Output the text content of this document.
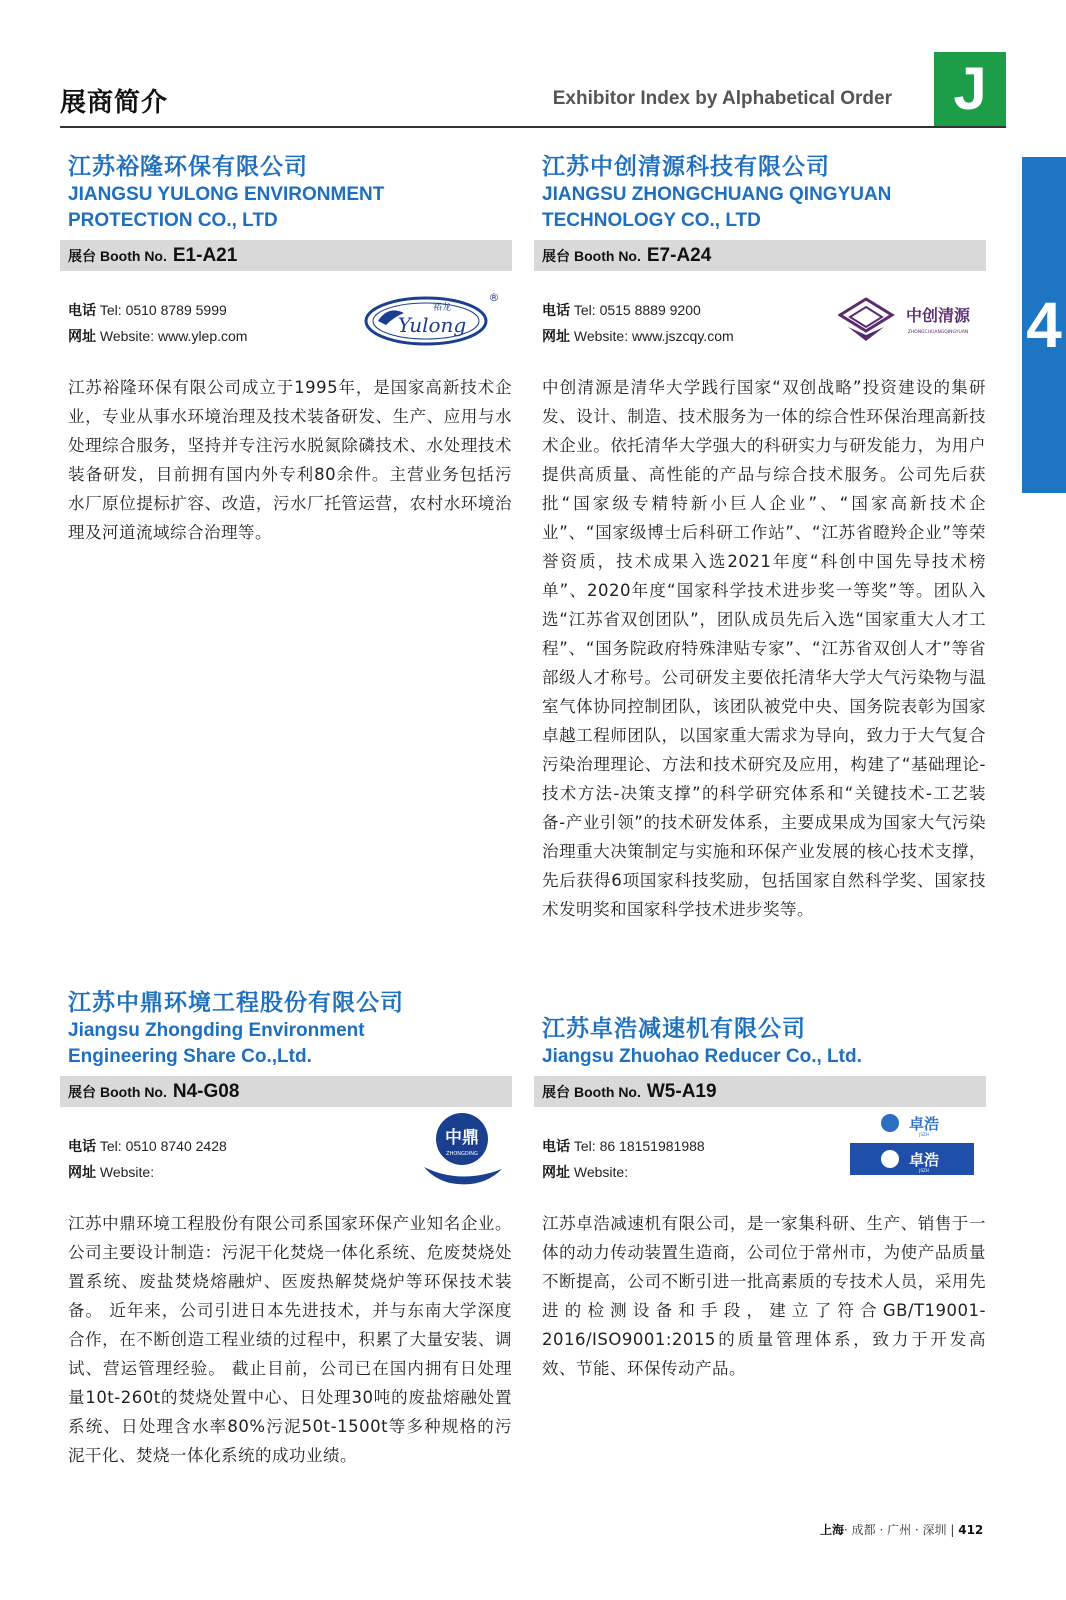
展商简介	Exhibitor Index by Alphabetical Order	J
4
江苏裕隆环保有限公司
JIANGSU YULONG ENVIRONMENT
PROTECTION CO., LTD
展台 Booth No. E1-A21
电话 Tel: 0510 8789 5999
网址 Website: www.ylep.com	Yulong
裕龙
®
江苏裕隆环保有限公司成立于1995年，是国家高新技术企业，专业从事水环境治理及技术装备研发、生产、应用与水处理综合服务，坚持并专注污水脱氮除磷技术、水处理技术装备研发，目前拥有国内外专利80余件。主营业务包括污水厂原位提标扩容、改造，污水厂托管运营，农村水环境治理及河道流域综合治理等。
江苏中创清源科技有限公司
JIANGSU ZHONGCHUANG QINGYUAN
TECHNOLOGY CO., LTD
展台 Booth No. E7-A24
电话 Tel: 0515 8889 9200
网址 Website: www.jszcqy.com
中创清源
ZHONGCHUANGQINGYUAN
中创清源是清华大学践行国家“双创战略”投资建设的集研发、设计、制造、技术服务为一体的综合性环保治理高新技术企业。依托清华大学强大的科研实力与研发能力，为用户提供高质量、高性能的产品与综合技术服务。公司先后获批“国家级专精特新小巨人企业”、“国家高新技术企业”、“国家级博士后科研工作站”、“江苏省瞪羚企业”等荣誉资质，技术成果入选2021年度“科创中国先导技术榜单”、2020年度“国家科学技术进步奖一等奖”等。团队入选“江苏省双创团队”，团队成员先后入选“国家重大人才工程”、“国务院政府特殊津贴专家”、“江苏省双创人才”等省部级人才称号。公司研发主要依托清华大学大气污染物与温室气体协同控制团队，该团队被党中央、国务院表彰为国家卓越工程师团队，以国家重大需求为导向，致力于大气复合污染治理理论、方法和技术研究及应用，构建了“基础理论-技术方法-决策支撑”的科学研究体系和“关键技术-工艺装备-产业引领”的技术研发体系，主要成果成为国家大气污染治理重大决策制定与实施和环保产业发展的核心技术支撑，先后获得6项国家科技奖励，包括国家自然科学奖、国家技术发明奖和国家科学技术进步奖等。
江苏中鼎环境工程股份有限公司
Jiangsu Zhongding Environment
Engineering Share Co.,Ltd.
展台 Booth No. N4-G08
电话 Tel: 0510 8740 2428
网址 Website:
中鼎
ZHONGDING
江苏中鼎环境工程股份有限公司系国家环保产业知名企业。公司主要设计制造：污泥干化焚烧一体化系统、危废焚烧处置系统、废盐焚烧熔融炉、医废热解焚烧炉等环保技术装备。 近年来，公司引进日本先进技术，并与东南大学深度合作，在不断创造工程业绩的过程中，积累了大量安装、调试、营运管理经验。 截止目前，公司已在国内拥有日处理量10t-260t的焚烧处置中心、日处理30吨的废盐熔融处置系统、日处理含水率80%污泥50t-1500t等多种规格的污泥干化、焚烧一体化系统的成功业绩。
江苏卓浩减速机有限公司
Jiangsu Zhuohao Reducer Co., Ltd.
展台 Booth No. W5-A19
电话 Tel: 86 18151981988
网址 Website:
卓浩
JSZH
卓浩
JSZH
江苏卓浩减速机有限公司，是一家集科研、生产、销售于一体的动力传动装置生造商，公司位于常州市，为使产品质量不断提高，公司不断引进一批高素质的专技术人员，采用先进的检测设备和手段，建立了符合GB/T19001-2016/ISO9001:2015的质量管理体系，致力于开发高效、节能、环保传动产品。
上海· 成都 · 广州 · 深圳 | 412
